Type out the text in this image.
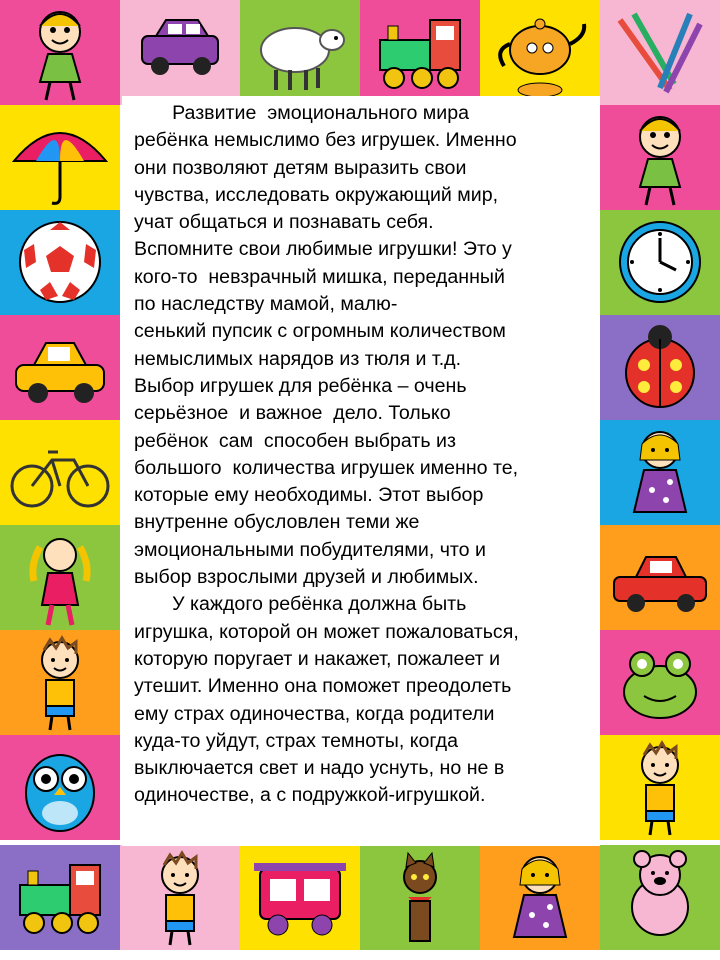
Развитие  эмоционального мира
ребёнка немыслимо без игрушек. Именно
они позволяют детям выразить свои
чувства, исследовать окружающий мир,
учат общаться и познавать себя.
Вспомните свои любимые игрушки! Это у
кого-то  невзрачный мишка, переданный
по наследству мамой, малю-
сенький пупсик с огромным количеством
немыслимых нарядов из тюля и т.д.
Выбор игрушек для ребёнка – очень
серьёзное  и важное  дело. Только
ребёнок  сам  способен выбрать из
большого  количества игрушек именно те,
которые ему необходимы. Этот выбор
внутренне обусловлен теми же
эмоциональными побудителями, что и
выбор взрослыми друзей и любимых.
У каждого ребёнка должна быть
игрушка, которой он может пожаловаться,
которую поругает и накажет, пожалеет и
утешит. Именно она поможет преодолеть
ему страх одиночества, когда родители
куда-то уйдут, страх темноты, когда
выключается свет и надо уснуть, но не в
одиночестве, а с подружкой-игрушкой.
